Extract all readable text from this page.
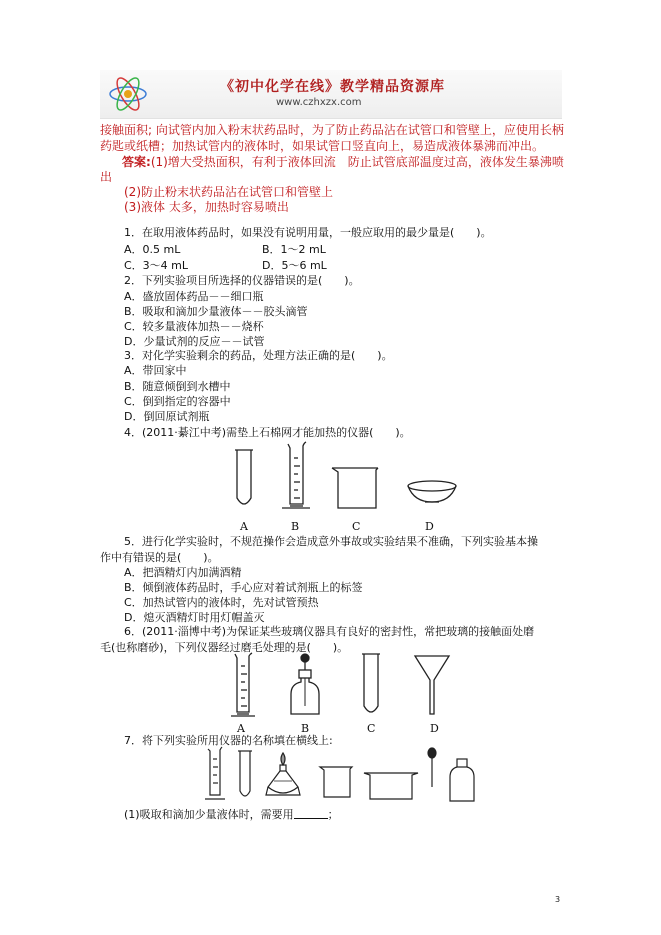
《初中化学在线》教学精品资源库
www.czhxzx.com
接触面积; 向试管内加入粉末状药品时，为了防止药品沾在试管口和管壁上，应使用长柄
药匙或纸槽；加热试管内的液体时，如果试管口竖直向上，易造成液体暴沸而冲出。
答案:(1)增大受热面积，有利于液体回流　防止试管底部温度过高，液体发生暴沸喷
出
(2)防止粉末状药品沾在试管口和管壁上
(3)液体 太多，加热时容易喷出
1．在取用液体药品时，如果没有说明用量，一般应取用的最少量是(　　)。
A．0.5 mL	B．1～2 mL
C．3～4 mL	D．5～6 mL
2．下列实验项目所选择的仪器错误的是(　　)。
A．盛放固体药品－－细口瓶
B．吸取和滴加少量液体－－胶头滴管
C．较多量液体加热－－烧杯
D．少量试剂的反应－－试管
3．对化学实验剩余的药品，处理方法正确的是(　　)。
A．带回家中
B．随意倾倒到水槽中
C．倒到指定的容器中
D．倒回原试剂瓶
4．(2011·綦江中考)需垫上石棉网才能加热的仪器(　　)。
A	B	C	D
5．进行化学实验时，不规范操作会造成意外事故或实验结果不准确，下列实验基本操
作中有错误的是(　　)。
A．把酒精灯内加满酒精
B．倾倒液体药品时，手心应对着试剂瓶上的标签
C．加热试管内的液体时，先对试管预热
D．熄灭酒精灯时用灯帽盖灭
6．(2011·淄博中考)为保证某些玻璃仪器具有良好的密封性，常把玻璃的接触面处磨
毛(也称磨砂)，下列仪器经过磨毛处理的是(　　)。
A	B	C	D
7．将下列实验所用仪器的名称填在横线上:
(1)吸取和滴加少量液体时，需要用	；
3
